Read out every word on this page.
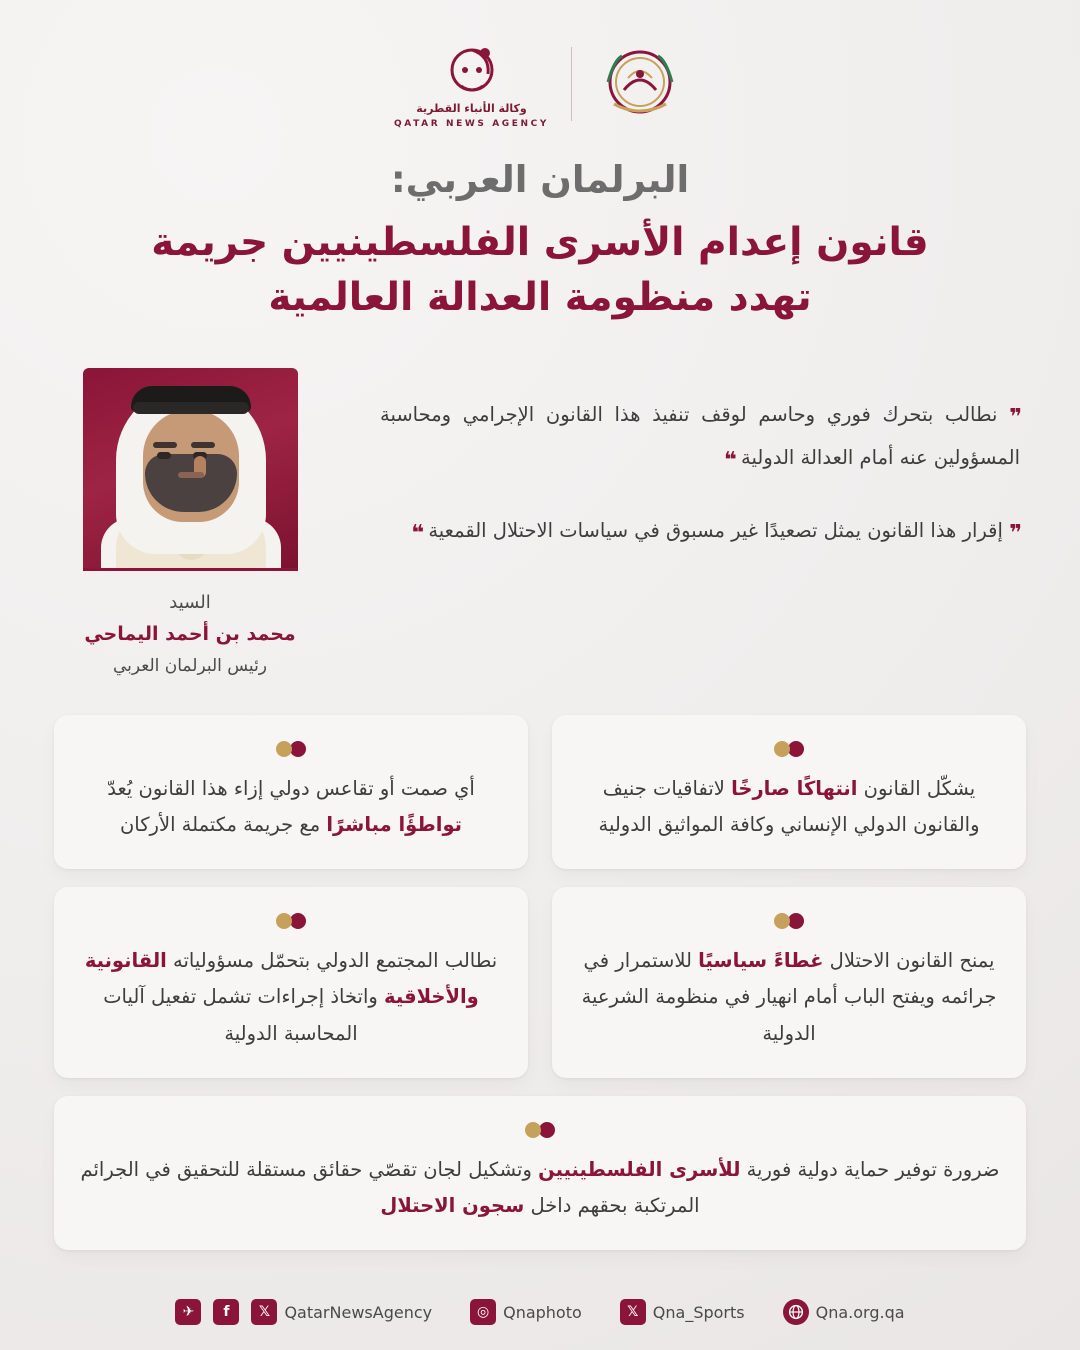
وكالة الأنباء القطرية
QATAR NEWS AGENCY
البرلمان العربي:
قانون إعدام الأسرى الفلسطينيين جريمة
تهدد منظومة العدالة العالمية
السيد
محمد بن أحمد اليماحي
رئيس البرلمان العربي
❞ نطالب بتحرك فوري وحاسم لوقف تنفيذ هذا القانون الإجرامي ومحاسبة المسؤولين عنه أمام العدالة الدولية ❝
❞ إقرار هذا القانون يمثل تصعيدًا غير مسبوق في سياسات الاحتلال القمعية ❝

يشكّل القانون انتهاكًا صارخًا لاتفاقيات جنيف والقانون الدولي الإنساني وكافة المواثيق الدولية

أي صمت أو تقاعس دولي إزاء هذا القانون يُعدّ تواطؤًا مباشرًا مع جريمة مكتملة الأركان

يمنح القانون الاحتلال غطاءً سياسيًا للاستمرار في جرائمه ويفتح الباب أمام انهيار في منظومة الشرعية الدولية

نطالب المجتمع الدولي بتحمّل مسؤولياته القانونية والأخلاقية واتخاذ إجراءات تشمل تفعيل آليات المحاسبة الدولية

ضرورة توفير حماية دولية فورية للأسرى الفلسطينيين وتشكيل لجان تقصّي حقائق مستقلة للتحقيق في الجرائم المرتكبة بحقهم داخل سجون الاحتلال

✈	f	𝕏 QatarNewsAgency	◎ Qnaphoto	𝕏 Qna_Sports	Qna.org.qa
